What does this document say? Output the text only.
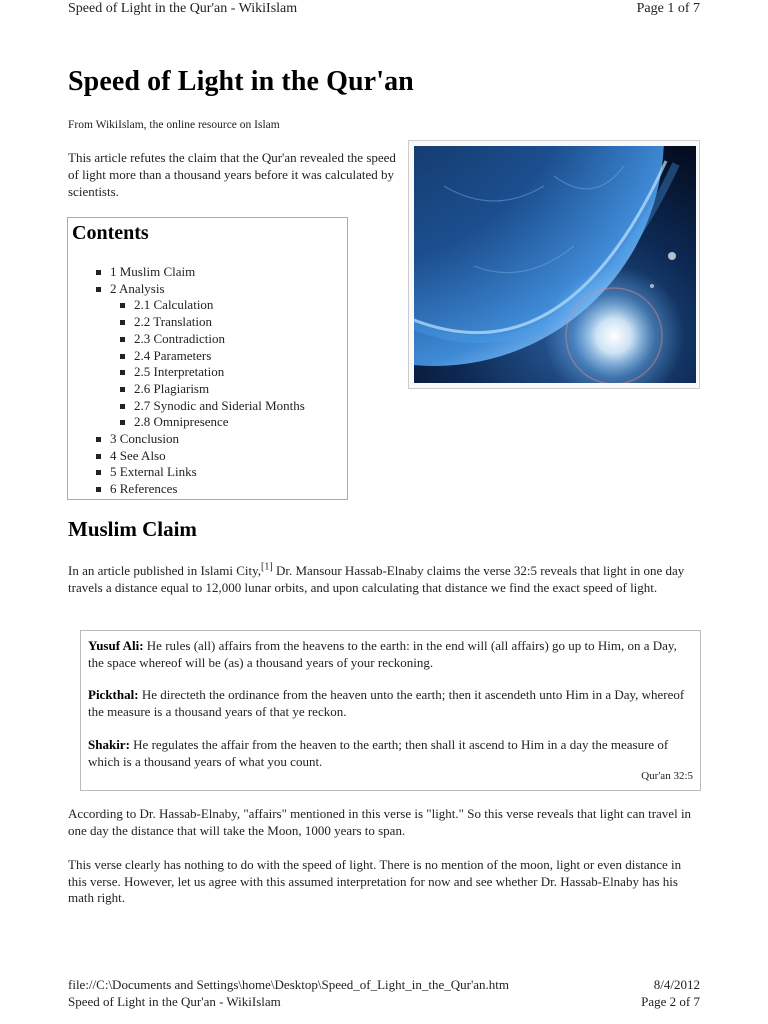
Speed of Light in the Qur'an - WikiIslam	Page 1 of 7
Speed of Light in the Qur'an
From WikiIslam, the online resource on Islam
This article refutes the claim that the Qur'an revealed the speed of light more than a thousand years before it was calculated by scientists.
Contents
1 Muslim Claim
2 Analysis
2.1 Calculation
2.2 Translation
2.3 Contradiction
2.4 Parameters
2.5 Interpretation
2.6 Plagiarism
2.7 Synodic and Siderial Months
2.8 Omnipresence
3 Conclusion
4 See Also
5 External Links
6 References
Muslim Claim

In an article published in Islami City,[1] Dr. Mansour Hassab-Elnaby claims the verse 32:5 reveals that light in one day travels a distance equal to 12,000 lunar orbits, and upon calculating that distance we find the exact speed of light.

Yusuf Ali: He rules (all) affairs from the heavens to the earth: in the end will (all affairs) go up to Him, on a Day, the space whereof will be (as) a thousand years of your reckoning.

Pickthal: He directeth the ordinance from the heaven unto the earth; then it ascendeth unto Him in a Day, whereof the measure is a thousand years of that ye reckon.

Shakir: He regulates the affair from the heaven to the earth; then shall it ascend to Him in a day the measure of which is a thousand years of what you count.

Qur'an 32:5

According to Dr. Hassab-Elnaby, "affairs" mentioned in this verse is "light." So this verse reveals that light can travel in one day the distance that will take the Moon, 1000 years to span.

This verse clearly has nothing to do with the speed of light. There is no mention of the moon, light or even distance in this verse. However, let us agree with this assumed interpretation for now and see whether Dr. Hassab-Elnaby has his math right.

file://C:\Documents and Settings\home\Desktop\Speed_of_Light_in_the_Qur'an.htm	8/4/2012
Speed of Light in the Qur'an - WikiIslam	Page 2 of 7
